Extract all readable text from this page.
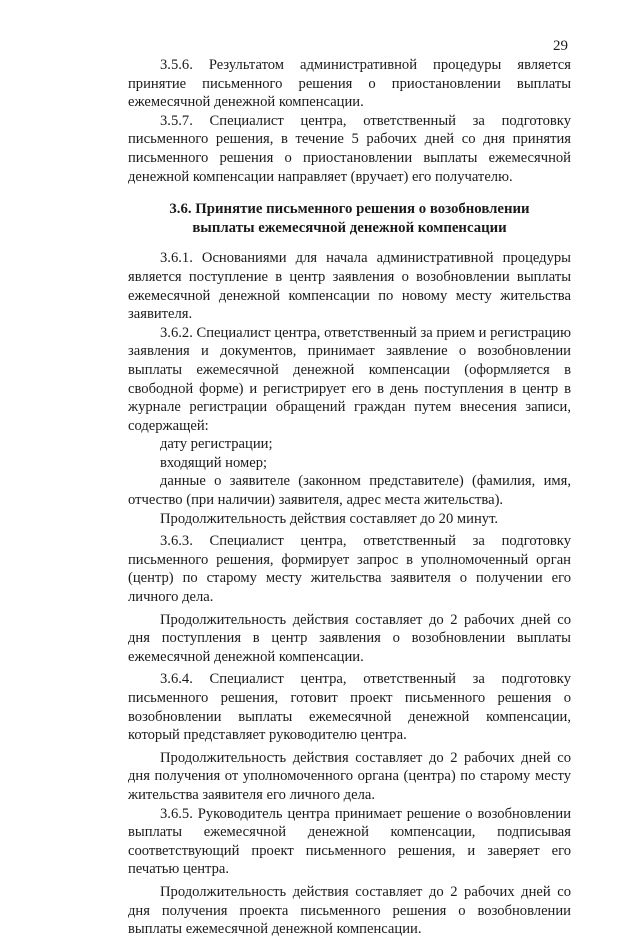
29

3.5.6. Результатом административной процедуры является принятие письменного решения о приостановлении выплаты ежемесячной денежной компенсации.

3.5.7. Специалист центра, ответственный за подготовку письменного решения, в течение 5 рабочих дней со дня принятия письменного решения о приостановлении выплаты ежемесячной денежной компенсации направляет (вручает) его получателю.

3.6. Принятие письменного решения о возобновлении
выплаты ежемесячной денежной компенсации

3.6.1. Основаниями для начала административной процедуры является поступление в центр заявления о возобновлении выплаты ежемесячной денежной компенсации по новому месту жительства заявителя.

3.6.2. Специалист центра, ответственный за прием и регистрацию заявления и документов, принимает заявление о возобновлении выплаты ежемесячной денежной компенсации (оформляется в свободной форме) и регистрирует его в день поступления в центр в журнале регистрации обращений граждан путем внесения записи, содержащей:

дату регистрации;

входящий номер;

данные о заявителе (законном представителе) (фамилия, имя, отчество (при наличии) заявителя, адрес места жительства).

Продолжительность действия составляет до 20 минут.

3.6.3. Специалист центра, ответственный за подготовку письменного решения, формирует запрос в уполномоченный орган (центр) по старому месту жительства заявителя о получении его личного дела.

Продолжительность действия составляет до 2 рабочих дней со дня поступления в центр заявления о возобновлении выплаты ежемесячной денежной компенсации.

3.6.4. Специалист центра, ответственный за подготовку письменного решения, готовит проект письменного решения о возобновлении выплаты ежемесячной денежной компенсации, который представляет руководителю центра.

Продолжительность действия составляет до 2 рабочих дней со дня получения от уполномоченного органа (центра) по старому месту жительства заявителя его личного дела.

3.6.5. Руководитель центра принимает решение о возобновлении выплаты ежемесячной денежной компенсации, подписывая соответствующий проект письменного решения, и заверяет его печатью центра.

Продолжительность действия составляет до 2 рабочих дней со дня получения проекта письменного решения о возобновлении выплаты ежемесячной денежной компенсации.
